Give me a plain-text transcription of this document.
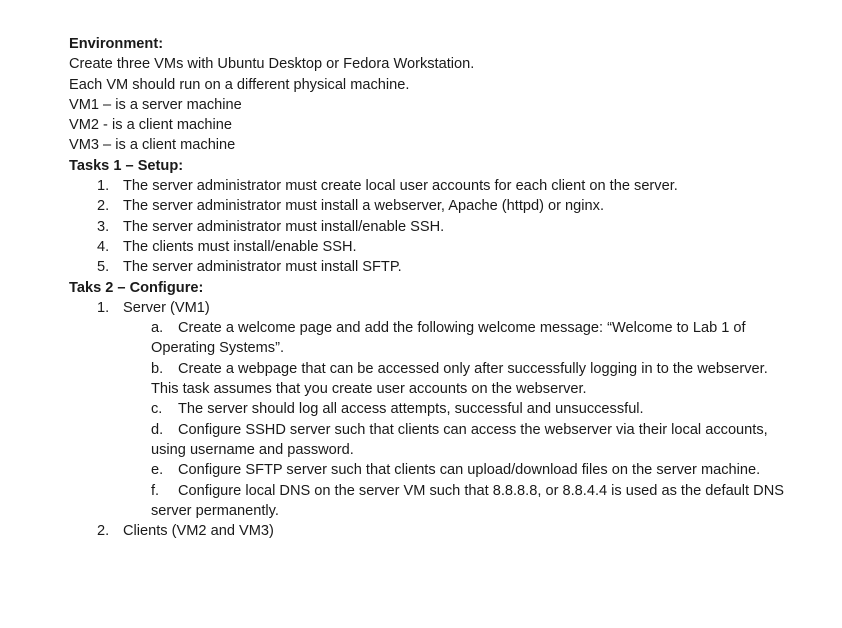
Environment:
Create three VMs with Ubuntu Desktop or Fedora Workstation.
Each VM should run on a different physical machine.
VM1 – is a server machine
VM2 - is a client machine
VM3 – is a client machine
Tasks 1 – Setup:
1. The server administrator must create local user accounts for each client on the server.
2. The server administrator must install a webserver, Apache (httpd) or nginx.
3. The server administrator must install/enable SSH.
4. The clients must install/enable SSH.
5. The server administrator must install SFTP.
Taks 2 – Configure:
1. Server (VM1)
a. Create a welcome page and add the following welcome message: “Welcome to Lab 1 of Operating Systems”.
b. Create a webpage that can be accessed only after successfully logging in to the webserver. This task assumes that you create user accounts on the webserver.
c. The server should log all access attempts, successful and unsuccessful.
d. Configure SSHD server such that clients can access the webserver via their local accounts, using username and password.
e. Configure SFTP server such that clients can upload/download files on the server machine.
f. Configure local DNS on the server VM such that 8.8.8.8, or 8.8.4.4 is used as the default DNS server permanently.
2. Clients (VM2 and VM3)
